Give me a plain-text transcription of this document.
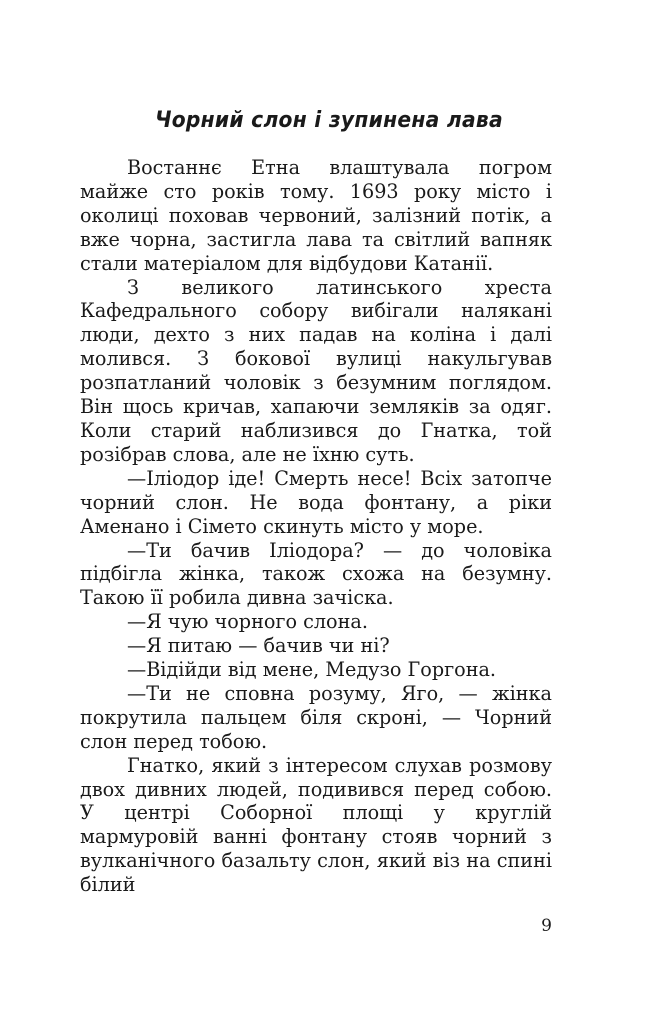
Чорний слон і зупинена лава

Востаннє Етна влаштувала погром майже сто років тому. 1693 року місто і околиці поховав червоний, залізний потік, а вже чорна, застигла лава та світлий вапняк стали матеріалом для відбудови Катанії.

З великого латинського хреста Кафедрального собору вибігали налякані люди, дехто з них падав на коліна і далі молився. З бокової вулиці накульгував розпатланий чоловік з безумним поглядом. Він щось кричав, хапаючи земляків за одяг. Коли старий наблизився до Гнатка, той розібрав слова, але не їхню суть.

—Іліодор іде! Смерть несе! Всіх затопче чорний слон. Не вода фонтану, а ріки Аменано і Сімето скинуть місто у море.

—Ти бачив Іліодора? — до чоловіка підбігла жінка, також схожа на безумну. Такою її робила дивна зачіска.

—Я чую чорного слона.

—Я питаю — бачив чи ні?

—Відійди від мене, Медузо Горгона.

—Ти не сповна розуму, Яго, — жінка покрутила пальцем біля скроні, — Чорний слон перед тобою.

Гнатко, який з інтересом слухав розмову двох дивних людей, подивився перед собою. У центрі Соборної площі у круглій мармуровій ванні фонтану стояв чорний з вулканічного базальту слон, який віз на спині білий

9
